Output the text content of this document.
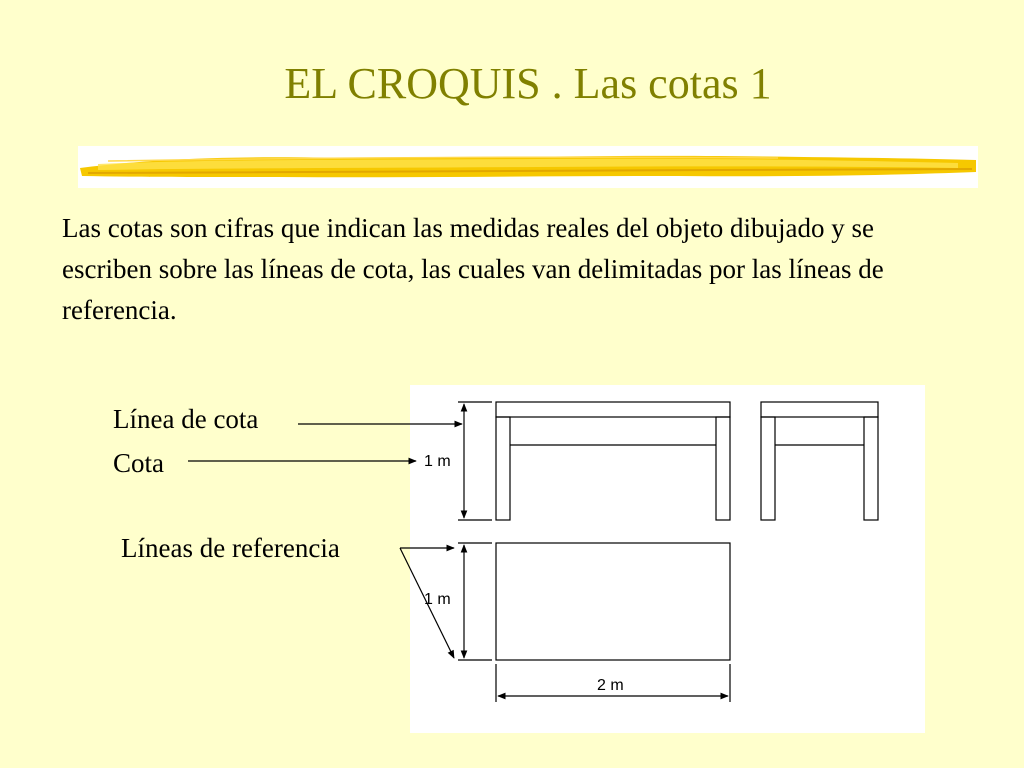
EL CROQUIS . Las cotas 1
Las cotas son cifras que indican las medidas reales del objeto dibujado y se escriben sobre las líneas de cota, las cuales van delimitadas por las líneas de referencia.
1 m
1 m
2 m
Línea de cota
Cota
Líneas de referencia
